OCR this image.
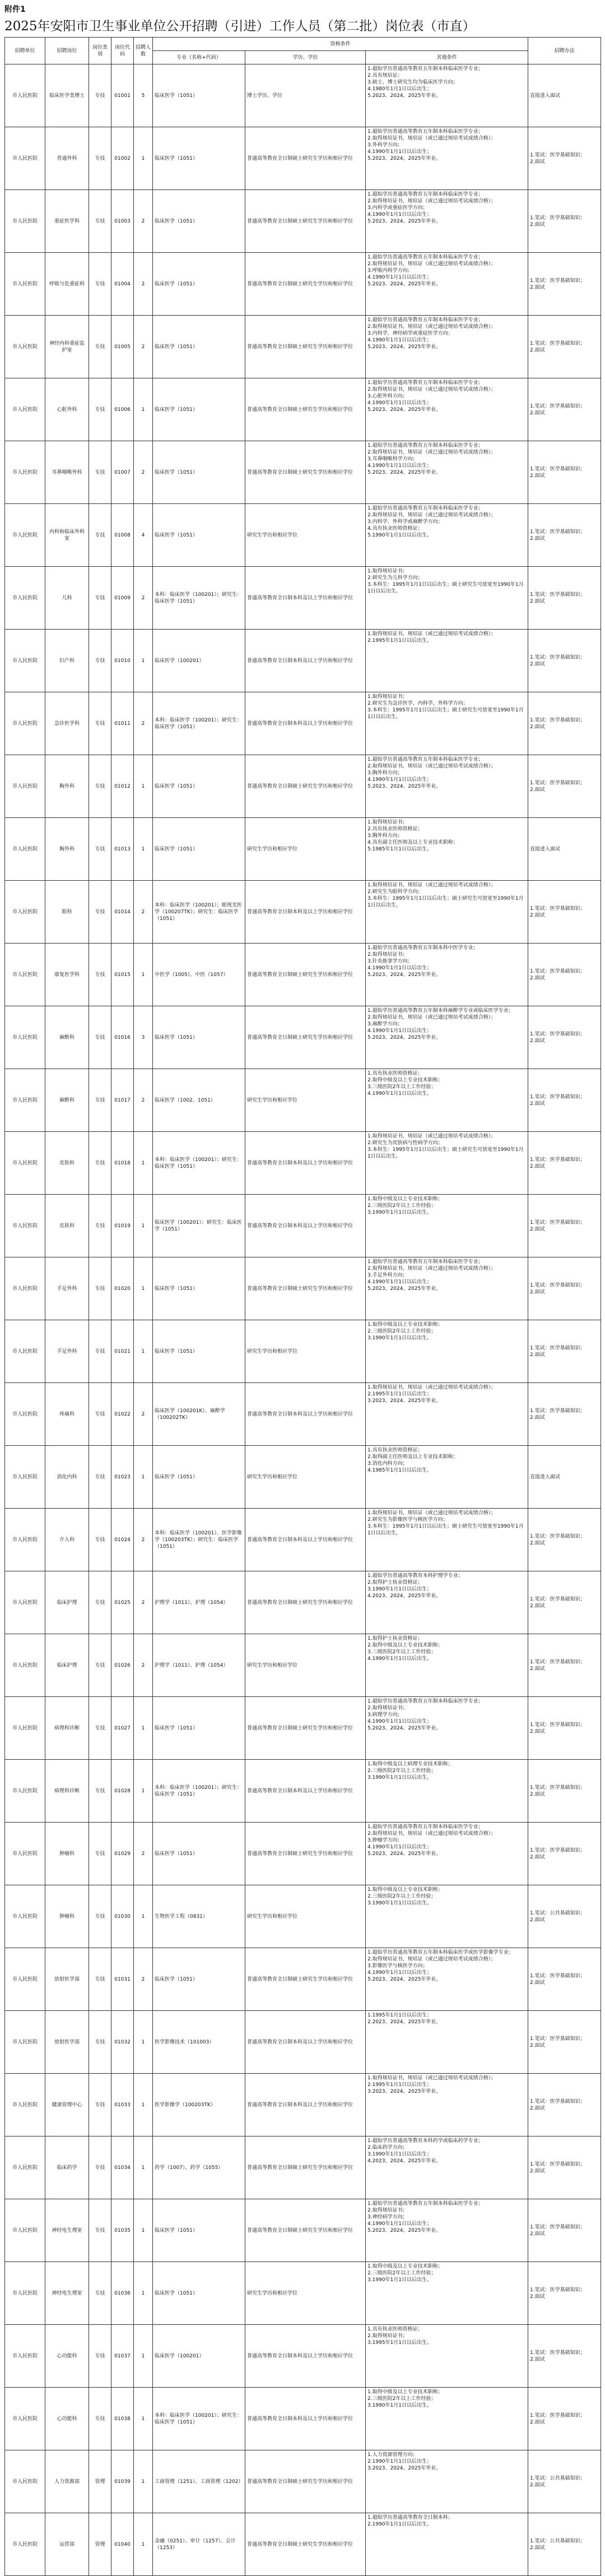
附件1
2025年安阳市卫生事业单位公开招聘（引进）工作人员（第二批）岗位表（市直）
招聘单位	招聘岗位	岗位类别	岗位代码	招聘人数	资格条件			招聘办法
					专业（名称+代码）	学历、学位	其他条件	
市人民医院	临床医学类博士	专技	01001	5	临床医学（1051）	博士学历、学位	1.超始学历普通高等教育五年制本科临床医学专业；
2.具有规培证；
3.硕士、博士研究生均为临床医学方向；
4.1980年1月1日以后出生；
5.2023、2024、2025年毕业。	直接进入面试
市人民医院	普通外科	专技	01002	1	临床医学（1051）	普通高等教育全日制硕士研究生学历和相应学位	1.超始学历普通高等教育五年制本科临床医学专业；
2.取得规培证书，规培证（或已通过规培考试成绩合格）；
3.外科学方向；
4.1990年1月1日以后出生；
5.2023、2024、2025年毕业。	1.笔试：医学基础知识；
2.面试
市人民医院	重症医学科	专技	01003	2	临床医学（1051）	普通高等教育全日制硕士研究生学历和相应学位	1.超始学历普通高等教育五年制本科临床医学专业；
2.取得规培证书，规培证（或已通过规培考试成绩合格）；
3.内科学或重症医学方向；
4.1990年1月1日以后出生；
5.2023、2024、2025年毕业。	1.笔试：医学基础知识；
2.面试
市人民医院	呼吸与危重症科	专技	01004	2	临床医学（1051）	普通高等教育全日制硕士研究生学历和相应学位	1.超始学历普通高等教育五年制本科临床医学专业；
2.取得规培证书，规培证（或已通过规培考试成绩合格）；
3.呼吸内科学方向；
4.1990年1月1日以后出生；
5.2023、2024、2025年毕业。	1.笔试：医学基础知识；
2.面试
市人民医院	神经内科重症监护室	专技	01005	2	临床医学（1051）	普通高等教育全日制硕士研究生学历和相应学位	1.超始学历普通高等教育五年制本科临床医学专业；
2.取得规培证书，规培证（或已通过规培考试成绩合格）；
3.内科学、神经病学或重症医学方向；
4.1990年1月1日以后出生；
5.2023、2024、2025年毕业。	1.笔试：医学基础知识；
2.面试
市人民医院	心脏外科	专技	01006	1	临床医学（1051）	普通高等教育全日制硕士研究生学历和相应学位	1.超始学历普通高等教育五年制本科临床医学专业；
2.取得规培证书，规培证（或已通过规培考试成绩合格）；
3.心脏外科方向；
4.1990年1月1日以后出生；
5.2023、2024、2025年毕业。	1.笔试：医学基础知识；
2.面试
市人民医院	耳鼻咽喉外科	专技	01007	2	临床医学（1051）	普通高等教育全日制硕士研究生学历和相应学位	1.超始学历普通高等教育五年制本科临床医学专业；
2.取得规培证书，规培证（或已通过规培考试成绩合格）；
3.耳鼻咽喉科学方向；
4.1990年1月1日以后出生；
5.2023、2024、2025年毕业。	1.笔试：医学基础知识；
2.面试
市人民医院	内科和临床外科室	专技	01008	4	临床医学（1051）	研究生学历和相应学位	1.超始学历普通高等教育五年制本科临床医学专业；
2.取得规培证书，规培证（或已通过规培考试成绩合格）；
3.内科学、外科学或麻醉学方向；
4.具有执业医师资格证；
5.1990年1月1日以后出生。	1.笔试：医学基础知识；
2.面试
市人民医院	儿科	专技	01009	2	本科：临床医学（100201）；研究生：临床医学（1051）	普通高等教育全日制本科及以上学历和相应学位	1.取得规培证书；
2.研究生为儿科学方向；
3.本科生：1995年1月1日以后出生；硕士研究生可放宽至1990年1月1日以后出生。	1.笔试：医学基础知识；
2.面试
市人民医院	妇产科	专技	01010	1	临床医学（100201）	普通高等教育全日制本科及以上学历和相应学位	1.取得规培证书，规培证（或已通过规培考试成绩合格）；
2.1995年1月1日以后出生。	1.笔试：医学基础知识；
2.面试
市人民医院	急诊医学科	专技	01011	2	本科：临床医学（100201）；研究生：临床医学（1051）	普通高等教育全日制本科及以上学历和相应学位	1.取得规培证书；
2.研究生为急诊医学、内科学、外科学方向；
3.本科生：1995年1月1日以后出生；硕士研究生可放宽至1990年1月1日以后出生。	1.笔试：医学基础知识；
2.面试
市人民医院	胸外科	专技	01012	1	临床医学（1051）	普通高等教育全日制硕士研究生学历和相应学位	1.超始学历普通高等教育五年制本科临床医学专业；
2.取得规培证书，规培证（或已通过规培考试成绩合格）；
3.胸外科方向；
4.1990年1月1日以后出生；
5.2023、2024、2025年毕业。	1.笔试：医学基础知识；
2.面试
市人民医院	胸外科	专技	01013	1	临床医学（1051）	研究生学历和相应学位	1.取得规培证书；
2.具有执业医师资格证；
3.胸外科方向；
4.具有副主任医师及以上专业技术职称；
5.1985年1月1日以后出生。	直接进入面试
市人民医院	眼科	专技	01014	2	本科：临床医学（100201）；眼视光医学（100207TK）；研究生：临床医学（1051）	普通高等教育全日制本科及以上学历和相应学位	1.取得规培证书，规培证（或已通过规培考试成绩合格）；
2.研究生为眼科学方向；
3.本科生：1995年1月1日以后出生；硕士研究生可放宽至1990年1月1日以后出生。	1.笔试：医学基础知识；
2.面试
市人民医院	康复医学科	专技	01015	1	中医学（1005）、中医（1057）	普通高等教育全日制硕士研究生学历和相应学位	1.超始学历普通高等教育五年制本科中医学专业；
2.取得规培证书；
3.针灸推拿学方向；
4.1990年1月1日以后出生；
5.2023、2024、2025年毕业。	1.笔试：医学基础知识；
2.面试
市人民医院	麻醉科	专技	01016	3	临床医学（1051）	普通高等教育全日制硕士研究生学历和相应学位	1.超始学历普通高等教育五年制本科麻醉学专业或临床医学专业；
2.取得规培证书，规培证（或已通过规培考试成绩合格）；
3.麻醉学方向；
4.1990年1月1日以后出生；
5.2023、2024、2025年毕业。	1.笔试：医学基础知识；
2.面试
市人民医院	麻醉科	专技	01017	2	临床医学（1002、1051）	研究生学历和相应学位	1.具有执业医师资格证；
2.取得中级及以上专业技术职称；
3.三级医院2年以上工作经验；
4.1990年1月1日以后出生。	1.笔试：医学基础知识；
2.面试
市人民医院	皮肤科	专技	01018	1	本科：临床医学（100201）；研究生：临床医学（1051）	普通高等教育全日制本科及以上学历和相应学位	1.取得规培证书，规培证（或已通过规培考试成绩合格）；
2.研究生为皮肤病与性病学方向；
3.本科生：1995年1月1日以后出生；硕士研究生可放宽至1990年1月1日以后出生。	1.笔试：医学基础知识；
2.面试
市人民医院	皮肤科	专技	01019	1	临床医学（100201）；研究生：临床医学（1051）	普通高等教育全日制本科及以上学历和相应学位	1.取得中级及以上专业技术职称；
2.三级医院2年以上工作经验；
3.1990年1月1日以后出生。	1.笔试：医学基础知识；
2.面试
市人民医院	手足外科	专技	01020	1	临床医学（1051）	普通高等教育全日制硕士研究生学历和相应学位	1.超始学历普通高等教育五年制本科临床医学专业；
2.取得规培证书，规培证（或已通过规培考试成绩合格）；
3.手足外科方向；
4.1990年1月1日以后出生；
5.2023、2024、2025年毕业。	1.笔试：医学基础知识；
2.面试
市人民医院	手足外科	专技	01021	1	临床医学（1051）	研究生学历和相应学位	1.取得中级及以上专业技术职称；
2.三级医院2年以上工作经验；
3.1990年1月1日以后出生。	1.笔试：医学基础知识；
2.面试
市人民医院	疼痛科	专技	01022	2	临床医学（100201K）、麻醉学（100202TK）	普通高等教育全日制本科及以上学历和相应学位	1.取得规培证书，规培证（或已通过规培考试成绩合格）；
2.1995年1月1日以后出生；
3.2023、2024、2025年毕业。	1.笔试：医学基础知识；
2.面试
市人民医院	消化内科	专技	01023	1	临床医学（1051）	研究生学历和相应学位	1.具有执业医师资格证；
2.取得副主任医师及以上专业技术职称；
3.消化内科方向；
4.1985年1月1日以后出生。	直接进入面试
市人民医院	介入科	专技	01024	2	本科：临床医学（100201）、医学影像学（100203TK）；研究生：临床医学（1051）	普通高等教育全日制本科及以上学历和相应学位	1.取得规培证书，规培证（或已通过规培考试成绩合格）；
2.研究生为影像医学与核医学方向；
3.本科生：1995年1月1日以后出生；硕士研究生可放宽至1990年1月1日以后出生。	1.笔试：医学基础知识；
2.面试
市人民医院	临床护理	专技	01025	2	护理学（1011）、护理（1054）	普通高等教育全日制硕士研究生学历和相应学位	1.超始学历普通高等教育本科护理学专业；
2.取得护士执业资格证；
3.1990年1月1日以后出生；
4.2023、2024、2025年毕业。	1.笔试：医学基础知识；
2.面试
市人民医院	临床护理	专技	01026	2	护理学（1011）、护理（1054）	研究生学历和相应学位	1.取得护士执业资格证；
2.取得中级及以上专业技术职称；
3.三级医院2年以上工作经验；
4.1990年1月1日以后出生。	1.笔试：医学基础知识；
2.面试
市人民医院	病理科诊断	专技	01027	1	临床医学（1051）	普通高等教育全日制硕士研究生学历和相应学位	1.超始学历普通高等教育五年制本科临床医学专业；
2.取得规培证书；
3.病理学方向；
4.1990年1月1日以后出生；
5.2023、2024、2025年毕业。	1.笔试：医学基础知识；
2.面试
市人民医院	病理科诊断	专技	01028	1	本科：临床医学（100201）；研究生：临床医学（1051）	普通高等教育全日制本科及以上学历和相应学位	1.取得中级及以上病理专业技术职称；
2.三级医院2年以上工作经验；
3.1990年1月1日以后出生。	1.笔试：医学基础知识；
2.面试
市人民医院	肿瘤科	专技	01029	2	临床医学（1051）	普通高等教育全日制硕士研究生学历和相应学位	1.超始学历普通高等教育五年制本科临床医学专业；
2.取得规培证书，规培证（或已通过规培考试成绩合格）；
3.肿瘤学方向；
4.1990年1月1日以后出生；
5.2023、2024、2025年毕业。	1.笔试：医学基础知识；
2.面试
市人民医院	肿瘤科	专技	01030	1	生物医学工程（0831）	研究生学历和相应学位	1.取得中级及以上专业技术职称；
2.三级医院2年以上工作经验；
3.1990年1月1日以后出生。	1.笔试：公共基础知识；
2.面试
市人民医院	放射医学部	专技	01031	2	临床医学（1051）	普通高等教育全日制硕士研究生学历和相应学位	1.超始学历普通高等教育五年制本科临床医学或医学影像学专业；
2.取得规培证书，规培证（或已通过规培考试成绩合格）；
3.影像医学与核医学方向；
4.1990年1月1日以后出生；
5.2023、2024、2025年毕业。	1.笔试：医学基础知识；
2.面试
市人民医院	放射医学部	专技	01032	1	医学影像技术（101003）	普通高等教育全日制本科及以上学历和相应学位	1.1995年1月1日以后出生；
2.2023、2024、2025年毕业。	1.笔试：医学基础知识；
2.面试
市人民医院	健康管理中心	专技	01033	1	医学影像学（100203TK）	普通高等教育全日制本科及以上学历和相应学位	1.取得规培证书，规培证（或已通过规培考试成绩合格）；
2.1995年1月1日以后出生；
3.2023、2024、2025年毕业。	1.笔试：医学基础知识；
2.面试
市人民医院	临床药学	专技	01034	1	药学（1007）、药学（1055）	普通高等教育全日制硕士研究生学历和相应学位	1.超始学历普通高等教育本科药学或临床药学专业；
2.临床药学方向；
3.1990年1月1日以后出生；
4.2023、2024、2025年毕业。	1.笔试：医学基础知识；
2.面试
市人民医院	神经电生理室	专技	01035	1	临床医学（1051）	普通高等教育全日制硕士研究生学历和相应学位	1.超始学历普通高等教育五年制本科临床医学专业；
2.取得规培证书；
3.神经病学方向；
4.1990年1月1日以后出生；
5.2023、2024、2025年毕业。	1.笔试：医学基础知识；
2.面试
市人民医院	神经电生理室	专技	01036	1	临床医学（1051）	研究生学历和相应学位	1.取得中级及以上专业技术职称；
2.三级医院2年以上工作经验；
3.1990年1月1日以后出生。	1.笔试：医学基础知识；
2.面试
市人民医院	心功能科	专技	01037	1	临床医学（100201）	普通高等教育全日制本科及以上学历和相应学位	1.具有执业医师资格证；
2.取得规培证书；
3.1995年1月1日以后出生。	1.笔试：医学基础知识；
2.面试
市人民医院	心功能科	专技	01038	1	本科：临床医学（100201）；研究生：临床医学（1051）	普通高等教育全日制本科及以上学历和相应学位	1.取得中级及以上专业技术职称；
2.三级医院2年以上工作经验；
3.1990年1月1日以后出生。	1.笔试：医学基础知识；
2.面试
市人民医院	人力资源部	管理	01039	1	工商管理（1251）、工商管理（1202）	普通高等教育全日制硕士研究生学历和相应学位	1.人力资源管理方向；
2.1990年1月1日以后出生；
3.2023、2024、2025年毕业。	1.笔试：公共基础知识；
2.面试
市人民医院	运营部	管理	01040	1	金融（0251）、审计（1257）、会计（1253）	普通高等教育全日制硕士研究生学历和相应学位	1.超始学历普通高等教育全日制本科；
2.1990年1月1日以后出生。	1.笔试：公共基础知识；
2.面试
